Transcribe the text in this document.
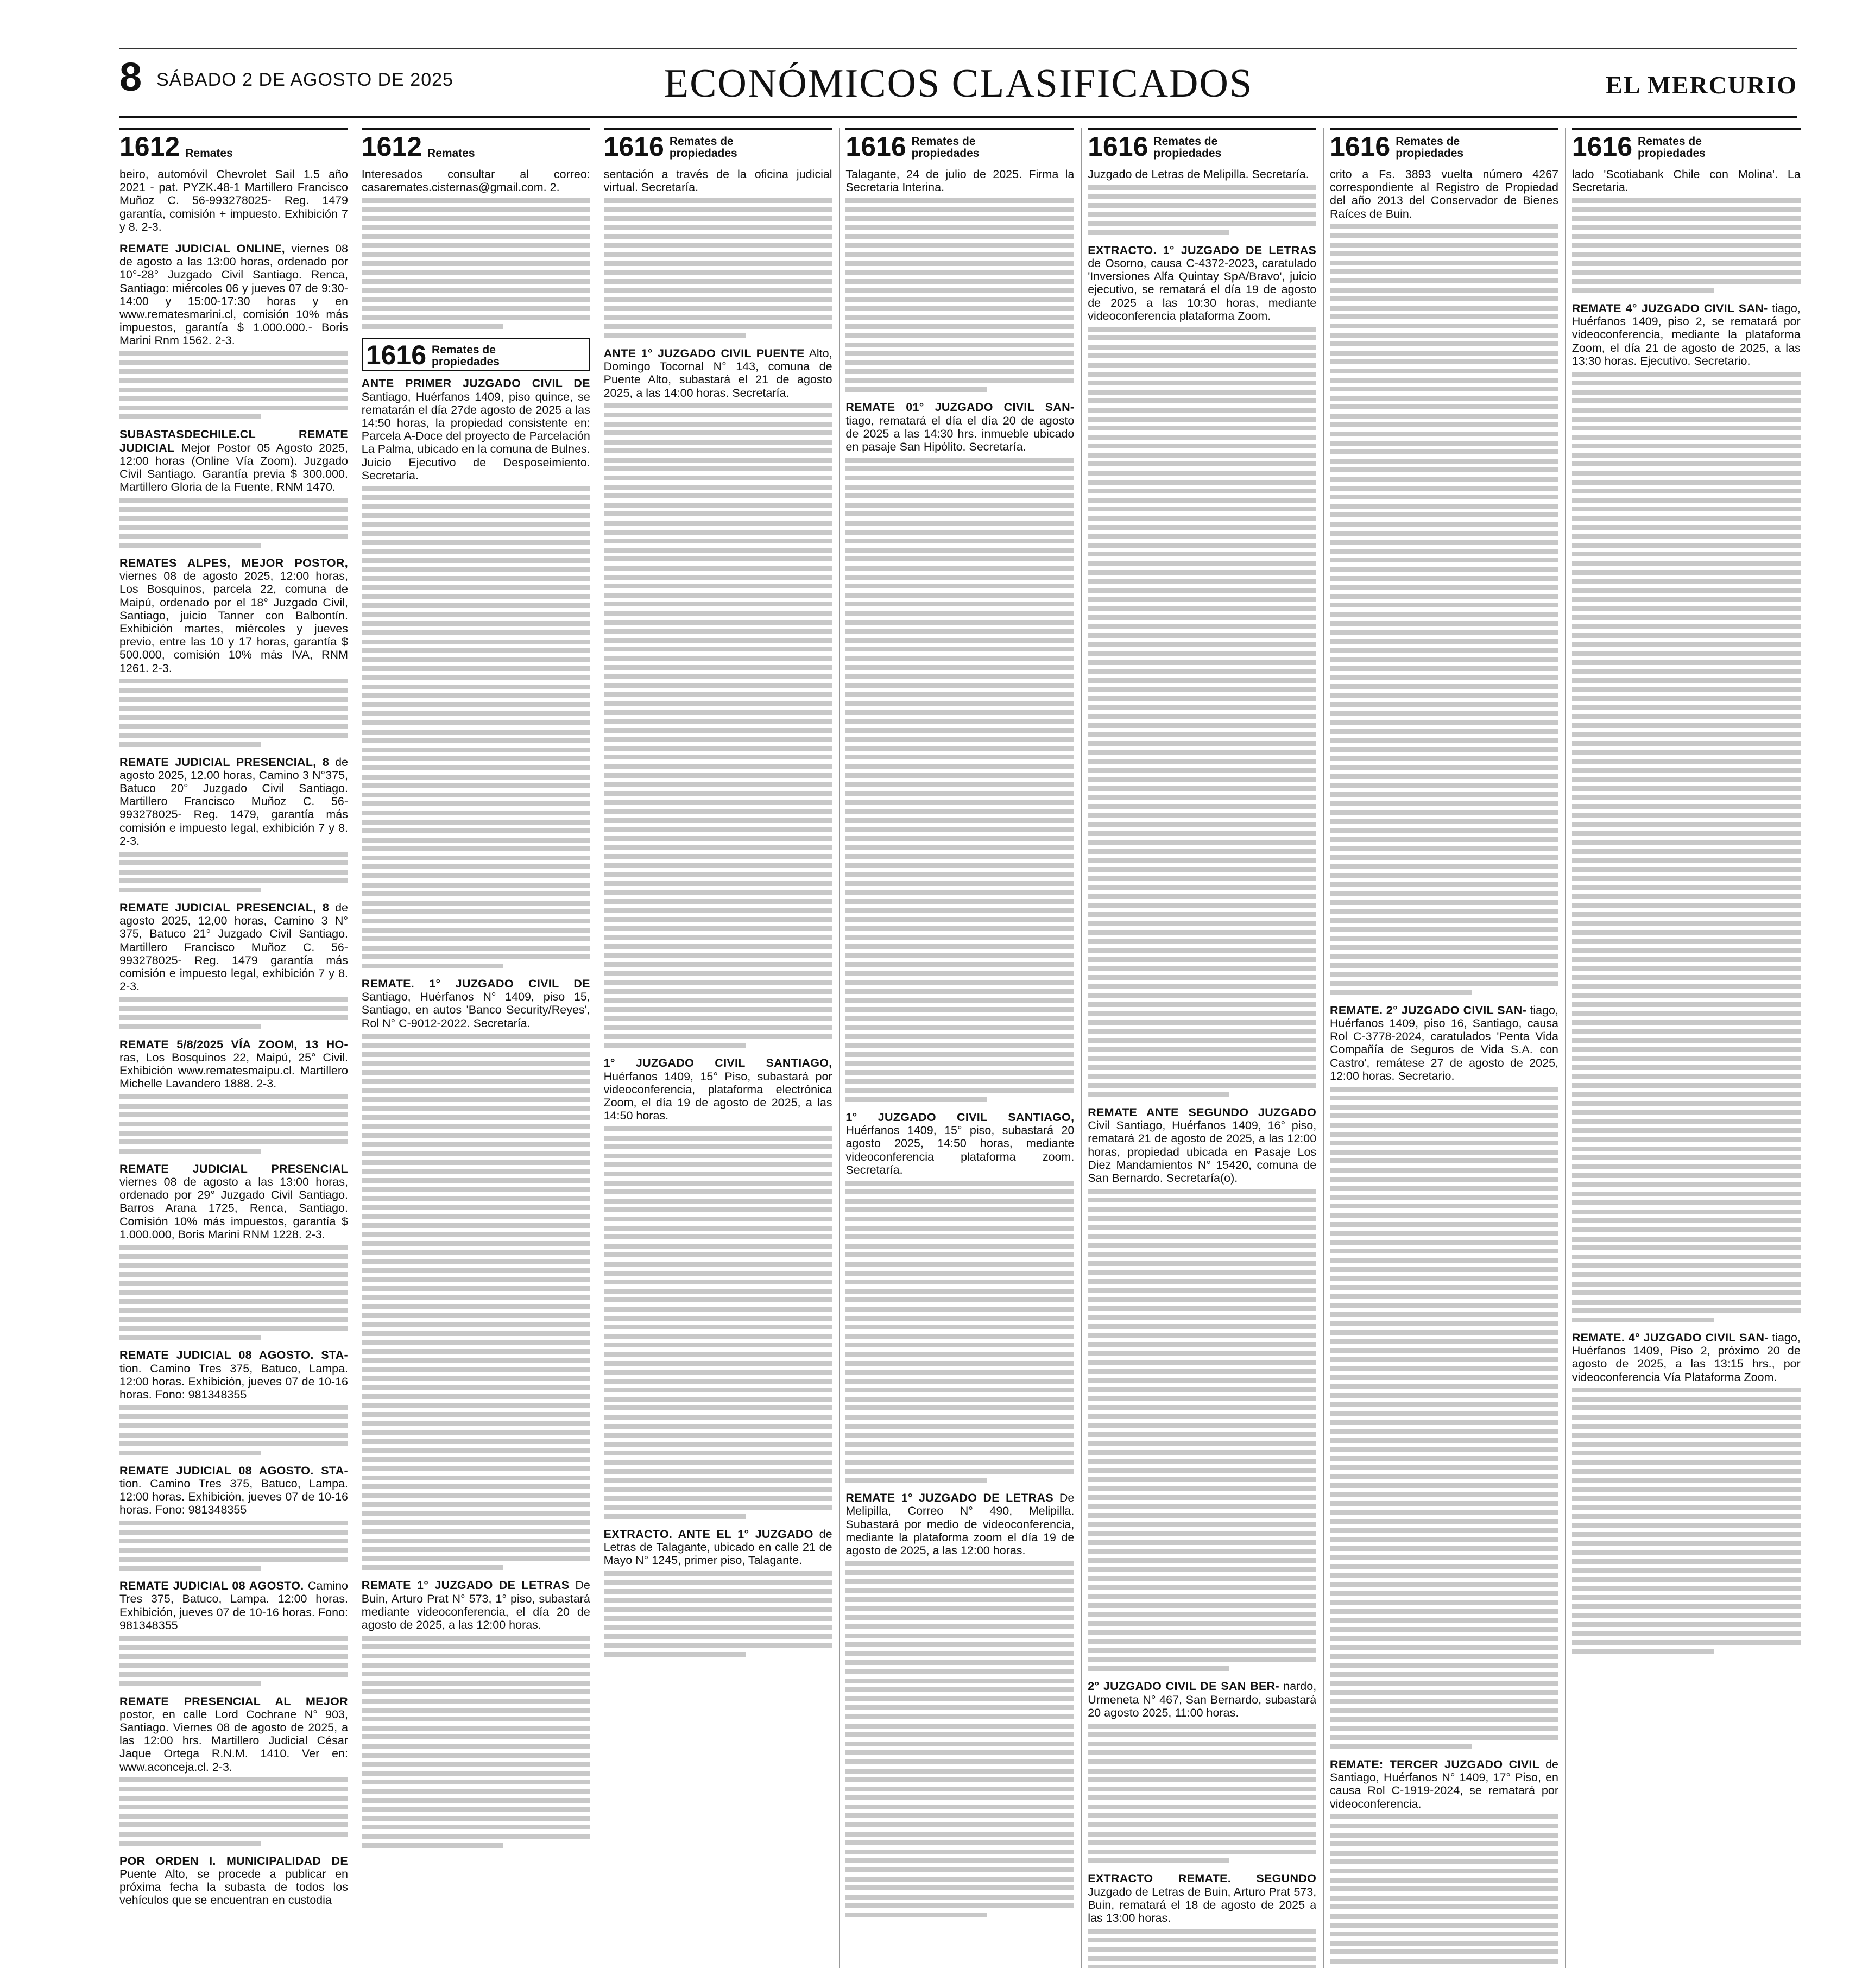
8 SÁBADO 2 DE AGOSTO DE 2025	ECONÓMICOS CLASIFICADOS	EL MERCURIO
1612 Remates

beiro, automóvil Chevrolet Sail 1.5 año 2021 - pat. PYZK.48-1 Martillero Francisco Muñoz C. 56-993278025- Reg. 1479 garantía, comisión + impuesto. Exhibición 7 y 8. 2-3.

REMATE JUDICIAL ONLINE, viernes 08 de agosto a las 13:00 horas, ordenado por 10°-28° Juzgado Civil Santiago. Renca, Santiago: miércoles 06 y jueves 07 de 9:30-14:00 y 15:00-17:30 horas y en www.rematesmarini.cl, comisión 10% más impuestos, garantía $ 1.000.000.- Boris Marini Rnm 1562. 2-3.

SUBASTASDECHILE.CL REMATE JUDICIAL Mejor Postor 05 Agosto 2025, 12:00 horas (Online Vía Zoom). Juzgado Civil Santiago. Garantía previa $ 300.000. Martillero Gloria de la Fuente, RNM 1470.

REMATES ALPES, MEJOR POSTOR, viernes 08 de agosto 2025, 12:00 horas, Los Bosquinos, parcela 22, comuna de Maipú, ordenado por el 18° Juzgado Civil, Santiago, juicio Tanner con Balbontín. Exhibición martes, miércoles y jueves previo, entre las 10 y 17 horas, garantía $ 500.000, comisión 10% más IVA, RNM 1261. 2-3.

REMATE JUDICIAL PRESENCIAL, 8 de agosto 2025, 12.00 horas, Camino 3 N°375, Batuco 20° Juzgado Civil Santiago. Martillero Francisco Muñoz C. 56-993278025- Reg. 1479, garantía más comisión e impuesto legal, exhibición 7 y 8. 2-3.

REMATE JUDICIAL PRESENCIAL, 8 de agosto 2025, 12,00 horas, Camino 3 N° 375, Batuco 21° Juzgado Civil Santiago. Martillero Francisco Muñoz C. 56-993278025- Reg. 1479 garantía más comisión e impuesto legal, exhibición 7 y 8. 2-3.

REMATE 5/8/2025 VÍA ZOOM, 13 HO- ras, Los Bosquinos 22, Maipú, 25° Civil. Exhibición www.rematesmaipu.cl. Martillero Michelle Lavandero 1888. 2-3.

REMATE JUDICIAL PRESENCIAL viernes 08 de agosto a las 13:00 horas, ordenado por 29° Juzgado Civil Santiago. Barros Arana 1725, Renca, Santiago. Comisión 10% más impuestos, garantía $ 1.000.000, Boris Marini RNM 1228. 2-3.

REMATE JUDICIAL 08 AGOSTO. STA- tion. Camino Tres 375, Batuco, Lampa. 12:00 horas. Exhibición, jueves 07 de 10-16 horas. Fono: 981348355

REMATE JUDICIAL 08 AGOSTO. STA- tion. Camino Tres 375, Batuco, Lampa. 12:00 horas. Exhibición, jueves 07 de 10-16 horas. Fono: 981348355

REMATE JUDICIAL 08 AGOSTO. Camino Tres 375, Batuco, Lampa. 12:00 horas. Exhibición, jueves 07 de 10-16 horas. Fono: 981348355

REMATE PRESENCIAL AL MEJOR postor, en calle Lord Cochrane N° 903, Santiago. Viernes 08 de agosto de 2025, a las 12:00 hrs. Martillero Judicial César Jaque Ortega R.N.M. 1410. Ver en: www.aconceja.cl. 2-3.

POR ORDEN I. MUNICIPALIDAD DE Puente Alto, se procede a publicar en próxima fecha la subasta de todos los vehículos que se encuentran en custodia

1612 Remates

Interesados consultar al correo: casaremates.cisternas@gmail.com. 2.

1616 Remates de
propiedades

ANTE PRIMER JUZGADO CIVIL DE Santiago, Huérfanos 1409, piso quince, se rematarán el día 27de agosto de 2025 a las 14:50 horas, la propiedad consistente en: Parcela A-Doce del proyecto de Parcelación La Palma, ubicado en la comuna de Bulnes. Juicio Ejecutivo de Desposeimiento. Secretaría.

REMATE. 1° JUZGADO CIVIL DE Santiago, Huérfanos N° 1409, piso 15, Santiago, en autos 'Banco Security/Reyes', Rol N° C-9012-2022. Secretaría.

REMATE 1° JUZGADO DE LETRAS De Buin, Arturo Prat N° 573, 1° piso, subastará mediante videoconferencia, el día 20 de agosto de 2025, a las 12:00 horas.

1616 Remates de
propiedades

sentación a través de la oficina judicial virtual. Secretaría.

ANTE 1° JUZGADO CIVIL PUENTE Alto, Domingo Tocornal N° 143, comuna de Puente Alto, subastará el 21 de agosto 2025, a las 14:00 horas. Secretaría.

1° JUZGADO CIVIL SANTIAGO, Huérfanos 1409, 15° Piso, subastará por videoconferencia, plataforma electrónica Zoom, el día 19 de agosto de 2025, a las 14:50 horas.

EXTRACTO. ANTE EL 1° JUZGADO de Letras de Talagante, ubicado en calle 21 de Mayo N° 1245, primer piso, Talagante.

1616 Remates de
propiedades

Talagante, 24 de julio de 2025. Firma la Secretaria Interina.

REMATE 01° JUZGADO CIVIL SAN- tiago, rematará el día el día 20 de agosto de 2025 a las 14:30 hrs. inmueble ubicado en pasaje San Hipólito. Secretaría.

1° JUZGADO CIVIL SANTIAGO, Huérfanos 1409, 15° piso, subastará 20 agosto 2025, 14:50 horas, mediante videoconferencia plataforma zoom. Secretaría.

REMATE 1° JUZGADO DE LETRAS De Melipilla, Correo N° 490, Melipilla. Subastará por medio de videoconferencia, mediante la plataforma zoom el día 19 de agosto de 2025, a las 12:00 horas.

1616 Remates de
propiedades

Juzgado de Letras de Melipilla. Secretaría.

EXTRACTO. 1° JUZGADO DE LETRAS de Osorno, causa C-4372-2023, caratulado 'Inversiones Alfa Quintay SpA/Bravo', juicio ejecutivo, se rematará el día 19 de agosto de 2025 a las 10:30 horas, mediante videoconferencia plataforma Zoom.

REMATE ANTE SEGUNDO JUZGADO Civil Santiago, Huérfanos 1409, 16° piso, rematará 21 de agosto de 2025, a las 12:00 horas, propiedad ubicada en Pasaje Los Diez Mandamientos N° 15420, comuna de San Bernardo. Secretaría(o).

2° JUZGADO CIVIL DE SAN BER- nardo, Urmeneta N° 467, San Bernardo, subastará 20 agosto 2025, 11:00 horas.

EXTRACTO REMATE. SEGUNDO Juzgado de Letras de Buin, Arturo Prat 573, Buin, rematará el 18 de agosto de 2025 a las 13:00 horas.

1616 Remates de
propiedades

crito a Fs. 3893 vuelta número 4267 correspondiente al Registro de Propiedad del año 2013 del Conservador de Bienes Raíces de Buin.

REMATE. 2° JUZGADO CIVIL SAN- tiago, Huérfanos 1409, piso 16, Santiago, causa Rol C-3778-2024, caratulados 'Penta Vida Compañía de Seguros de Vida S.A. con Castro', remátese 27 de agosto de 2025, 12:00 horas. Secretario.

REMATE: TERCER JUZGADO CIVIL de Santiago, Huérfanos N° 1409, 17° Piso, en causa Rol C-1919-2024, se rematará por videoconferencia.

1616 Remates de
propiedades

lado 'Scotiabank Chile con Molina'. La Secretaria.

REMATE 4° JUZGADO CIVIL SAN- tiago, Huérfanos 1409, piso 2, se rematará por videoconferencia, mediante la plataforma Zoom, el día 21 de agosto de 2025, a las 13:30 horas. Ejecutivo. Secretario.

REMATE. 4° JUZGADO CIVIL SAN- tiago, Huérfanos 1409, Piso 2, próximo 20 de agosto de 2025, a las 13:15 hrs., por videoconferencia Vía Plataforma Zoom.
